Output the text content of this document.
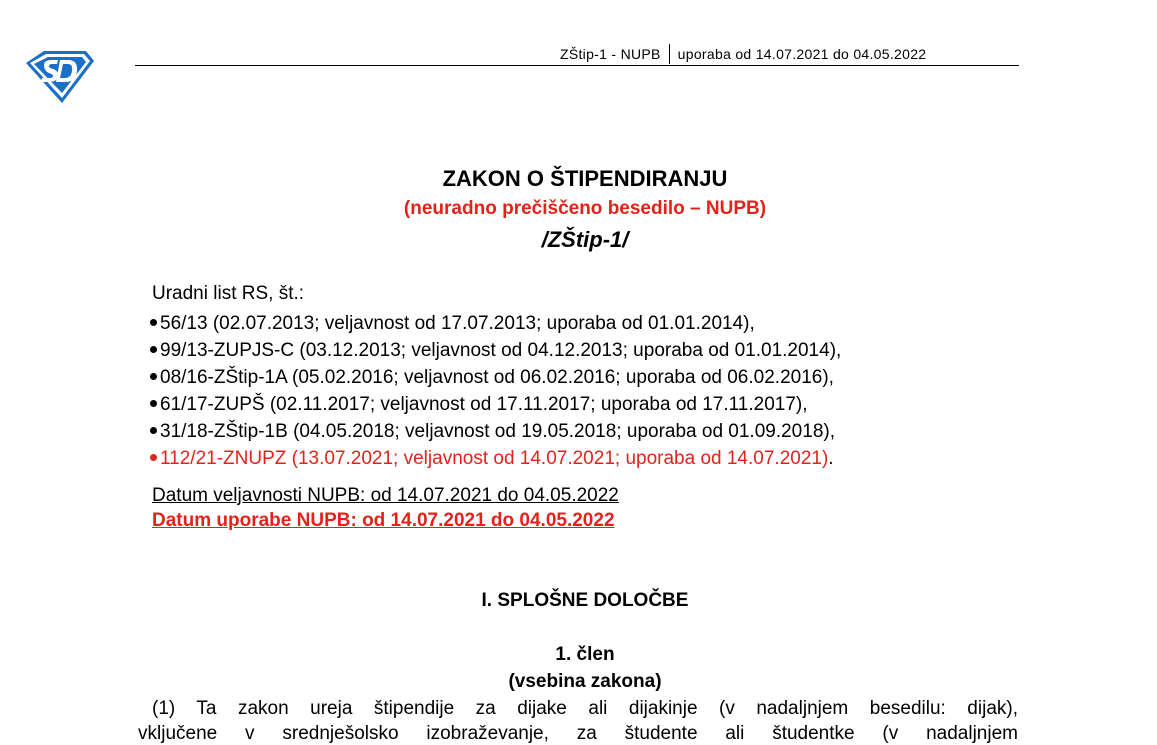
ZŠtip-1 - NUPB uporaba od 14.07.2021 do 04.05.2022
ZAKON O ŠTIPENDIRANJU
(neuradno prečiščeno besedilo – NUPB)
/ZŠtip-1/
Uradni list RS, št.:
56/13 (02.07.2013; veljavnost od 17.07.2013; uporaba od 01.01.2014),
99/13-ZUPJS-C (03.12.2013; veljavnost od 04.12.2013; uporaba od 01.01.2014),
08/16-ZŠtip-1A (05.02.2016; veljavnost od 06.02.2016; uporaba od 06.02.2016),
61/17-ZUPŠ (02.11.2017; veljavnost od 17.11.2017; uporaba od 17.11.2017),
31/18-ZŠtip-1B (04.05.2018; veljavnost od 19.05.2018; uporaba od 01.09.2018),
112/21-ZNUPZ (13.07.2021; veljavnost od 14.07.2021; uporaba od 14.07.2021).
Datum veljavnosti NUPB: od 14.07.2021 do 04.05.2022
Datum uporabe NUPB: od 14.07.2021 do 04.05.2022
I. SPLOŠNE DOLOČBE
1. člen
(vsebina zakona)
(1) Ta zakon ureja štipendije za dijake ali dijakinje (v nadaljnjem besedilu: dijak),
vključene v srednješolsko izobraževanje, za študente ali študentke (v nadaljnjem
